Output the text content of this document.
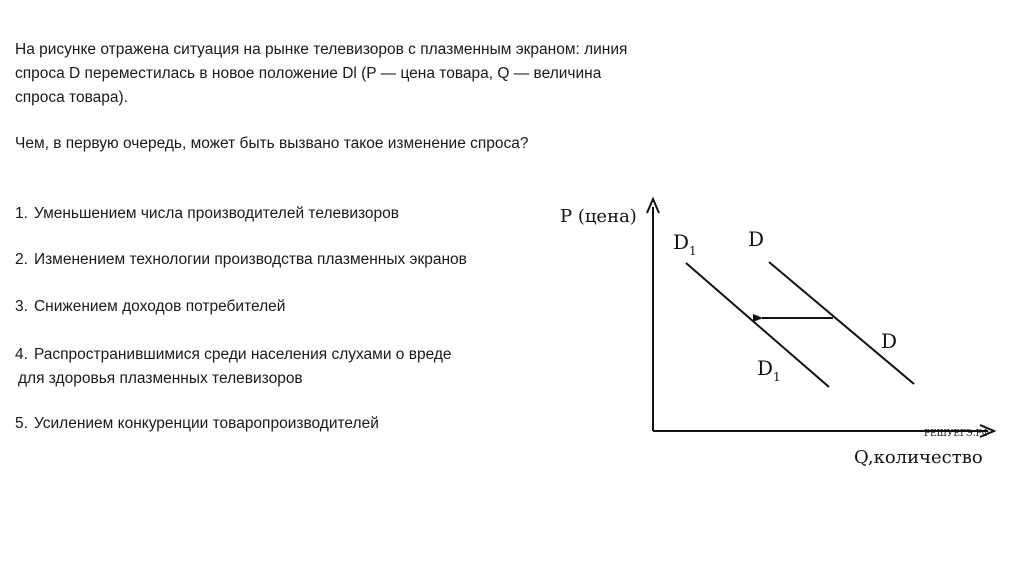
На рисунке отражена ситуация на рынке телевизоров с плазменным экраном: линия спроса D переместилась в новое положение Dl (P — цена товара, Q — величина спроса товара).
Чем, в первую очередь, может быть вызвано такое изменение спроса?
1. Уменьшением числа производителей телевизоров
2. Изменением технологии производства плазменных экранов
3. Снижением доходов потребителей
4. Распространившимися среди населения слухами о вреде
для здоровья плазменных телевизоров
5. Усилением конкуренции товаропроизводителей
РЕШУЕГЭ.РФ
P (цена)
Q,количество
$D_1$	D
D
$D_1$
